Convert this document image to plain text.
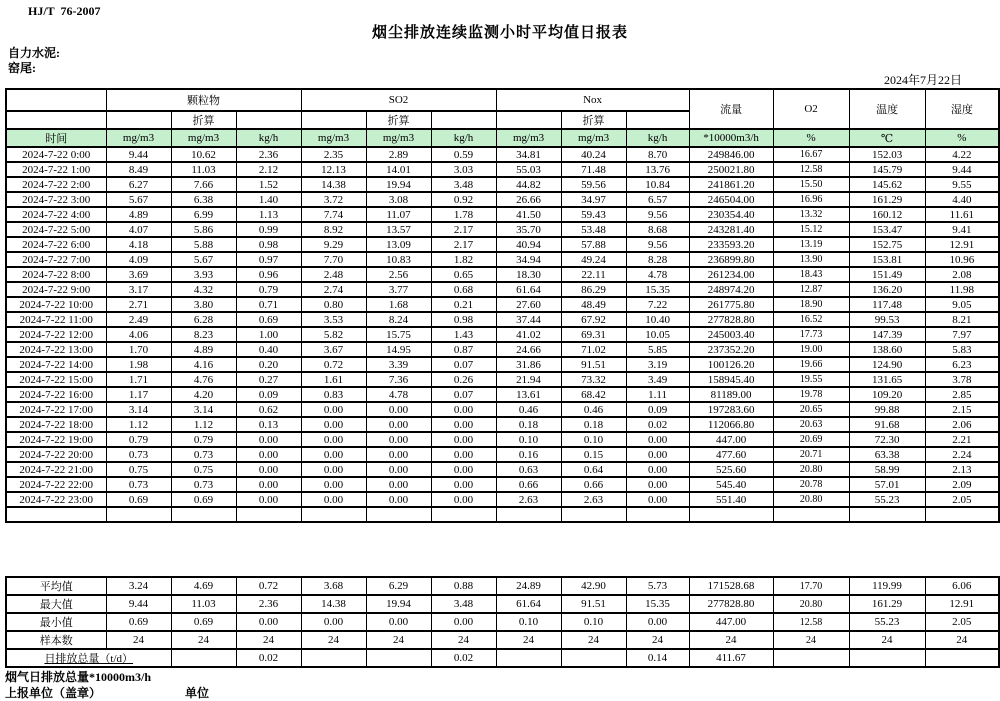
HJ/T  76-2007
烟尘排放连续监测小时平均值日报表
自力水泥:
窑尾:
2024年7月22日
	颗粒物			SO2			Nox			流量	O2	温度	湿度
		折算			折算			折算					
时间	mg/m3	mg/m3	kg/h	mg/m3	mg/m3	kg/h	mg/m3	mg/m3	kg/h	*10000m3/h	%	℃	%
2024-7-22 0:00	9.44	10.62	2.36	2.35	2.89	0.59	34.81	40.24	8.70	249846.00	16.67	152.03	4.22
2024-7-22 1:00	8.49	11.03	2.12	12.13	14.01	3.03	55.03	71.48	13.76	250021.80	12.58	145.79	9.44
2024-7-22 2:00	6.27	7.66	1.52	14.38	19.94	3.48	44.82	59.56	10.84	241861.20	15.50	145.62	9.55
2024-7-22 3:00	5.67	6.38	1.40	3.72	3.08	0.92	26.66	34.97	6.57	246504.00	16.96	161.29	4.40
2024-7-22 4:00	4.89	6.99	1.13	7.74	11.07	1.78	41.50	59.43	9.56	230354.40	13.32	160.12	11.61
2024-7-22 5:00	4.07	5.86	0.99	8.92	13.57	2.17	35.70	53.48	8.68	243281.40	15.12	153.47	9.41
2024-7-22 6:00	4.18	5.88	0.98	9.29	13.09	2.17	40.94	57.88	9.56	233593.20	13.19	152.75	12.91
2024-7-22 7:00	4.09	5.67	0.97	7.70	10.83	1.82	34.94	49.24	8.28	236899.80	13.90	153.81	10.96
2024-7-22 8:00	3.69	3.93	0.96	2.48	2.56	0.65	18.30	22.11	4.78	261234.00	18.43	151.49	2.08
2024-7-22 9:00	3.17	4.32	0.79	2.74	3.77	0.68	61.64	86.29	15.35	248974.20	12.87	136.20	11.98
2024-7-22 10:00	2.71	3.80	0.71	0.80	1.68	0.21	27.60	48.49	7.22	261775.80	18.90	117.48	9.05
2024-7-22 11:00	2.49	6.28	0.69	3.53	8.24	0.98	37.44	67.92	10.40	277828.80	16.52	99.53	8.21
2024-7-22 12:00	4.06	8.23	1.00	5.82	15.75	1.43	41.02	69.31	10.05	245003.40	17.73	147.39	7.97
2024-7-22 13:00	1.70	4.89	0.40	3.67	14.95	0.87	24.66	71.02	5.85	237352.20	19.00	138.60	5.83
2024-7-22 14:00	1.98	4.16	0.20	0.72	3.39	0.07	31.86	91.51	3.19	100126.20	19.66	124.90	6.23
2024-7-22 15:00	1.71	4.76	0.27	1.61	7.36	0.26	21.94	73.32	3.49	158945.40	19.55	131.65	3.78
2024-7-22 16:00	1.17	4.20	0.09	0.83	4.78	0.07	13.61	68.42	1.11	81189.00	19.78	109.20	2.85
2024-7-22 17:00	3.14	3.14	0.62	0.00	0.00	0.00	0.46	0.46	0.09	197283.60	20.65	99.88	2.15
2024-7-22 18:00	1.12	1.12	0.13	0.00	0.00	0.00	0.18	0.18	0.02	112066.80	20.63	91.68	2.06
2024-7-22 19:00	0.79	0.79	0.00	0.00	0.00	0.00	0.10	0.10	0.00	447.00	20.69	72.30	2.21
2024-7-22 20:00	0.73	0.73	0.00	0.00	0.00	0.00	0.16	0.15	0.00	477.60	20.71	63.38	2.24
2024-7-22 21:00	0.75	0.75	0.00	0.00	0.00	0.00	0.63	0.64	0.00	525.60	20.80	58.99	2.13
2024-7-22 22:00	0.73	0.73	0.00	0.00	0.00	0.00	0.66	0.66	0.00	545.40	20.78	57.01	2.09
2024-7-22 23:00	0.69	0.69	0.00	0.00	0.00	0.00	2.63	2.63	0.00	551.40	20.80	55.23	2.05

平均值	3.24	4.69	0.72	3.68	6.29	0.88	24.89	42.90	5.73	171528.68	17.70	119.99	6.06
最大值	9.44	11.03	2.36	14.38	19.94	3.48	61.64	91.51	15.35	277828.80	20.80	161.29	12.91
最小值	0.69	0.69	0.00	0.00	0.00	0.00	0.10	0.10	0.00	447.00	12.58	55.23	2.05
样本数	24	24	24	24	24	24	24	24	24	24	24	24	24
日排放总量（t/d）			0.02			0.02			0.14	411.67			
烟气日排放总量*10000m3/h
上报单位（盖章）	单位
